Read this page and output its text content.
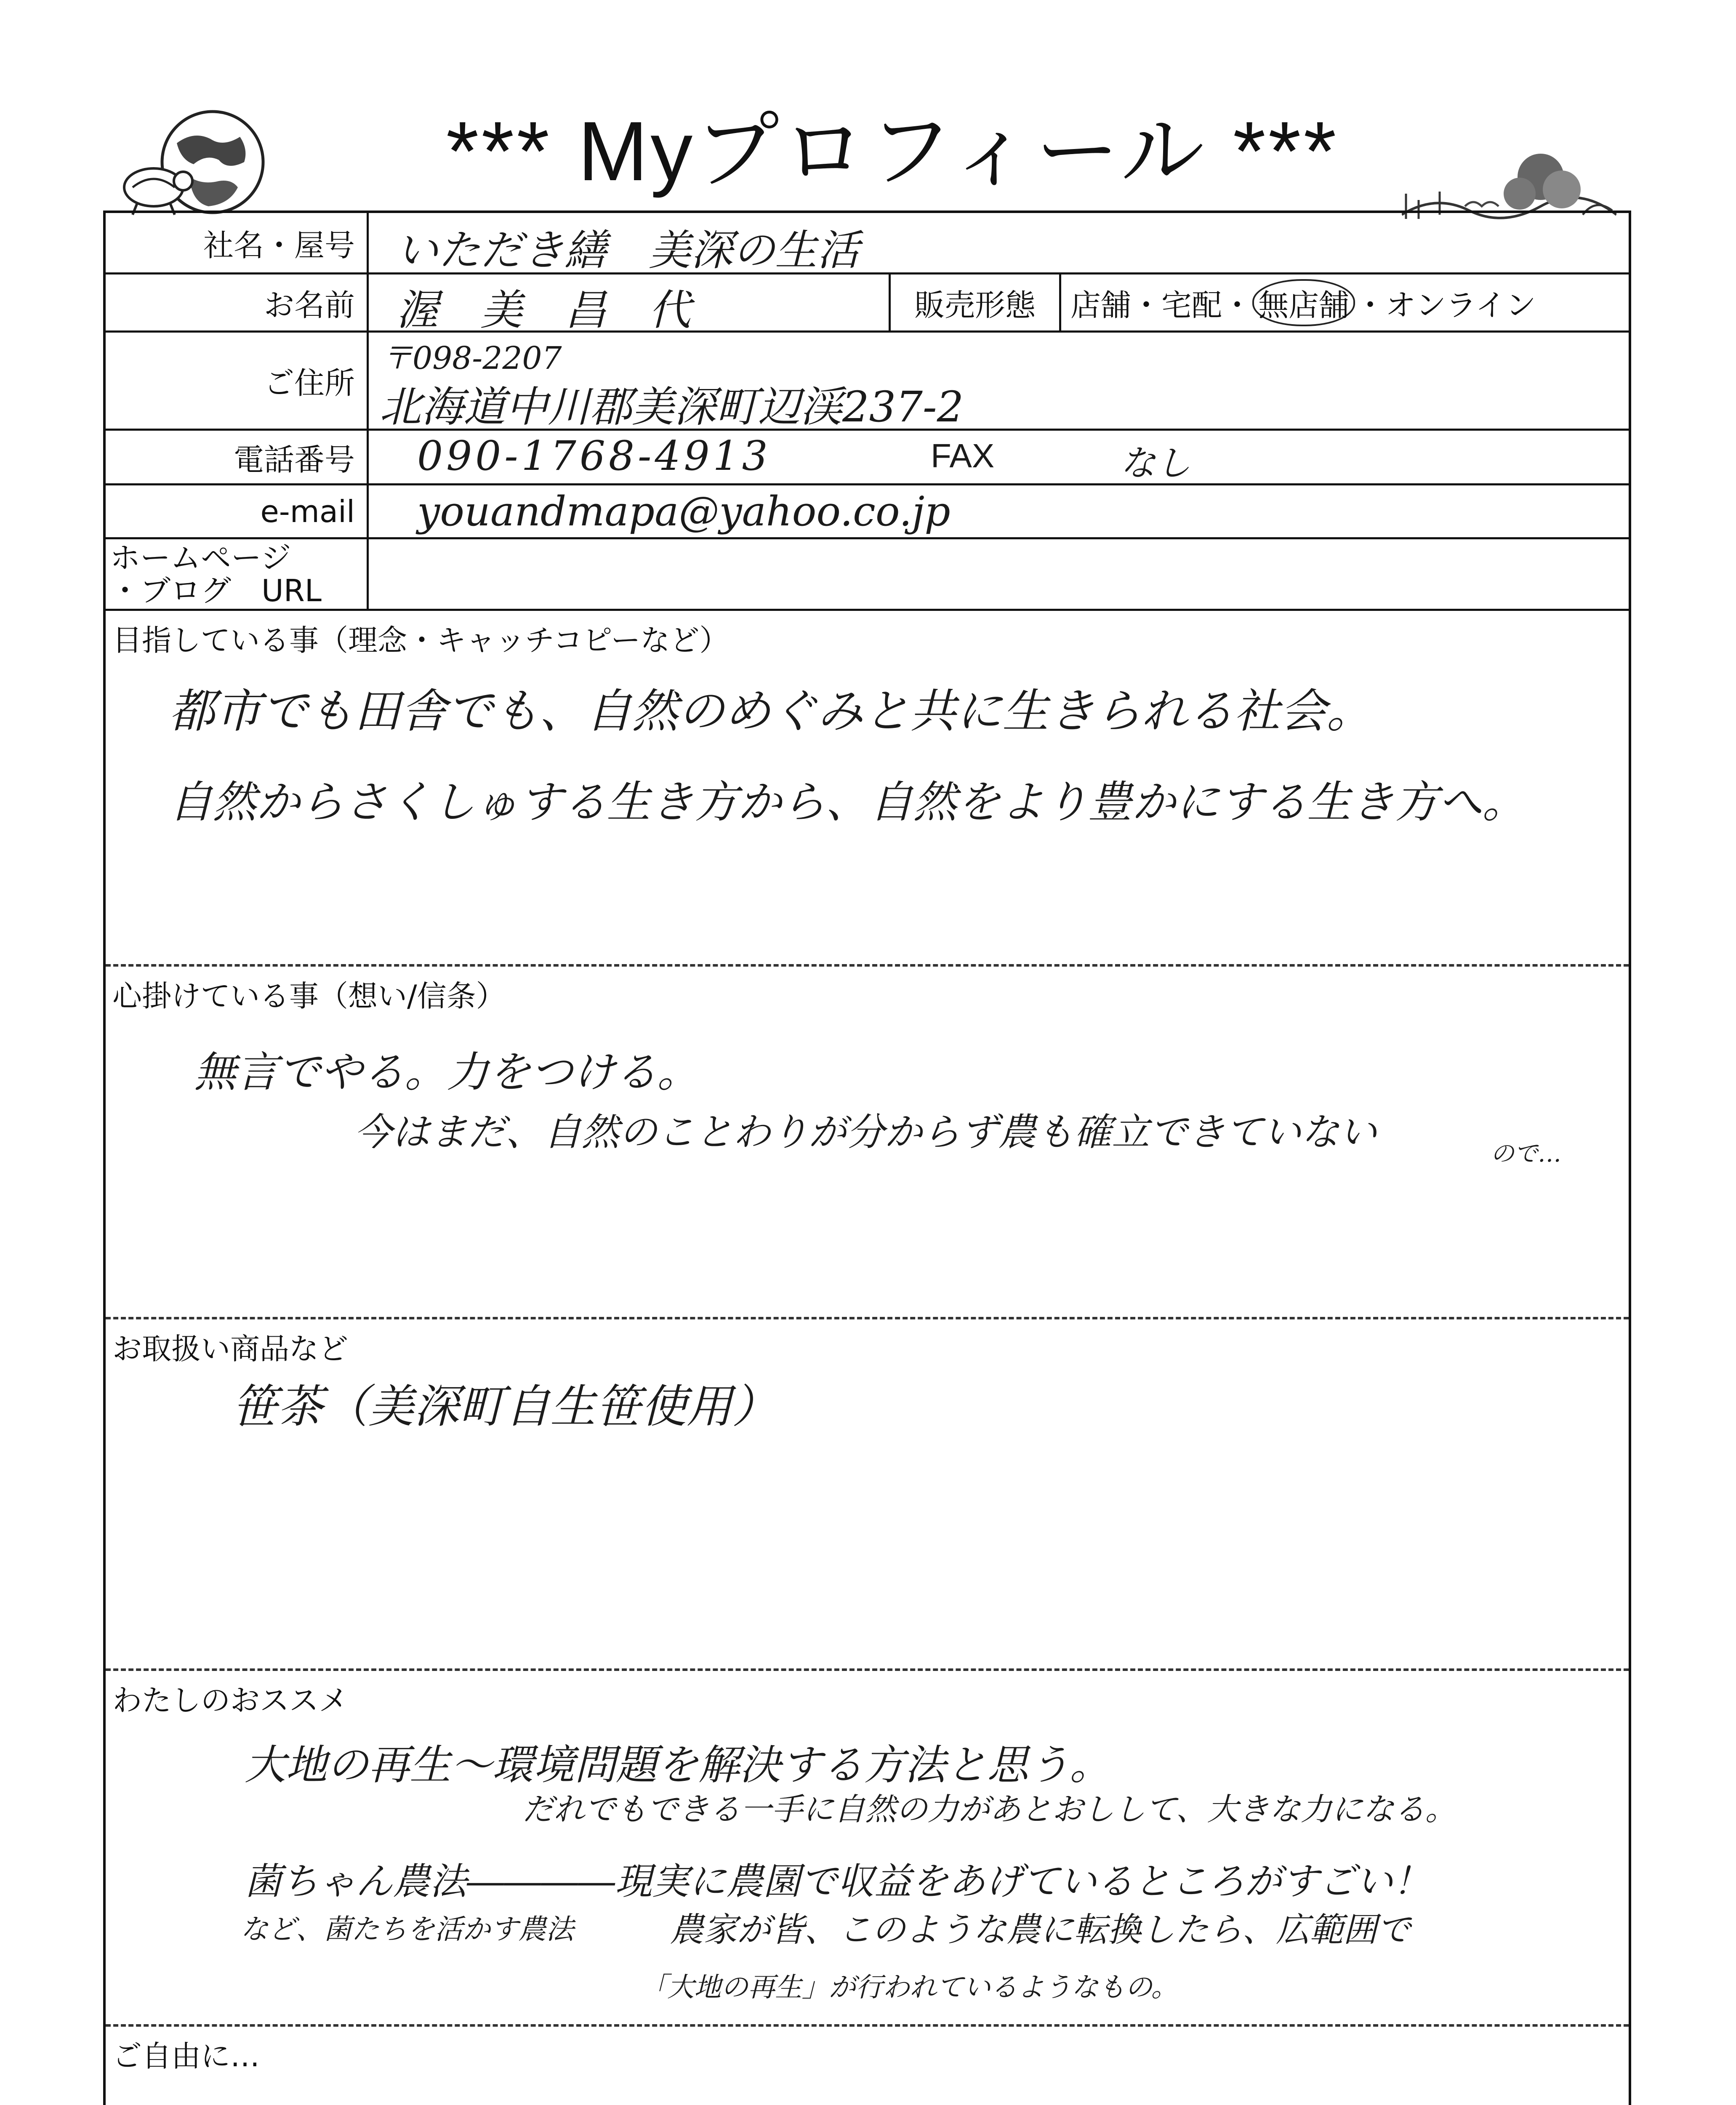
*** Myプロフィール ***
社名・屋号 いただき繕　美深の生活
お名前 渥　美　昌　代	販売形態	店舗 ・ 宅配 ・ 無店舗 ・ オンライン
ご住所
〒098-2207
北海道中川郡美深町辺渓237-2
電話番号	090-1768-4913	FAX	なし
e-mail	youandmapa@yahoo.co.jp
ホームページ
・ブログ　URL
目指している事（理念・キャッチコピーなど）
都市でも田舎でも、自然のめぐみと共に生きられる社会。
自然からさくしゅする生き方から、自然をより豊かにする生き方へ。
心掛けている事（想い/信条）
無言でやる。力をつける。
今はまだ、自然のことわりが分からず農も確立できていない	ので…
お取扱い商品など
笹茶（美深町自生笹使用）
わたしのおススメ
大地の再生～環境問題を解決する方法と思う。
だれでもできる一手に自然の力があとおしして、大きな力になる。
菌ちゃん農法――――現実に農園で収益をあげているところがすごい！
など、菌たちを活かす農法	農家が皆、このような農に転換したら、広範囲で
「大地の再生」が行われているようなもの。
ご自由に…
